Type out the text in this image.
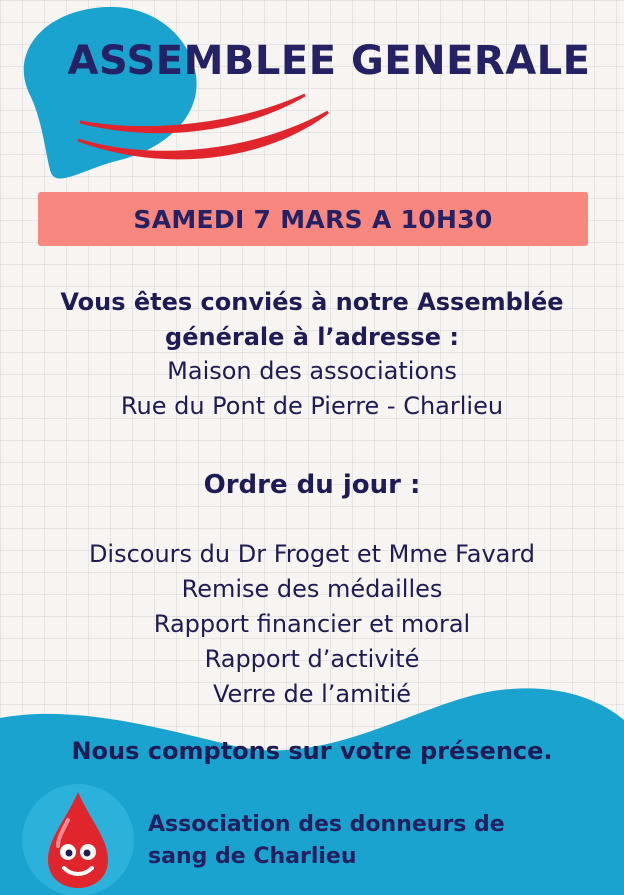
ASSEMBLEE GENERALE
SAMEDI 7 MARS A 10H30
Vous êtes conviés à notre Assemblée
générale à l’adresse :
Maison des associations
Rue du Pont de Pierre - Charlieu
Ordre du jour :
Discours du Dr Froget et Mme Favard
Remise des médailles
Rapport financier et moral
Rapport d’activité
Verre de l’amitié
Nous comptons sur votre présence.
Association des donneurs de
sang de Charlieu
